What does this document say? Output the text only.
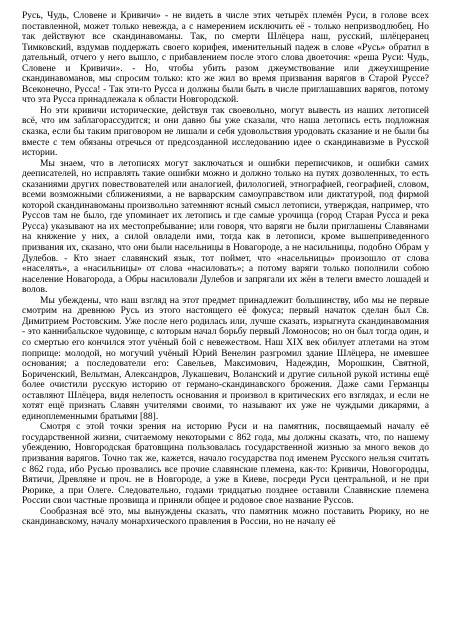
Русь, Чудь, Словене и Кривичи» - не видеть в числе этих четырёх племён Руси, в голове всех поставленной, может только невежда, а с намерением исключить её - только непризводлюбец. Но так действуют все скандинавоманы. Так, по смерти Шлёцера наш, русский, шлёцеранец Тимковский, вздумав поддержать своего корифея, именительный падеж в слове «Русь» обратил в дательный, отчего у него вышло, с прибавлением после этого слова двоеточия: «реша Руси: Чудь, Словене и Кривичи». - Но, чтобы убить разом джеумствование или джеухищрение скандинавоманов, мы спросим только: кто же жил во время призвания варягов в Старой Руссе? Всеконечно, Русса! - Так эти-то Русса и должны были быть в числе приглашавших варягов, потому что эта Русса принадлежала к области Новгородской.

Но эти кривичи исторические, действуя так своевольно, могут вывесть из наших летописей всё, что им заблагорассудится; и они давно бы уже сказали, что наша летопись есть подложная сказка, если бы таким приговором не лишали и себя удовольствия уродовать сказание и не были бы вместе с тем обязаны отречься от предсозданной исследованию идее о скандинавизме в Русской истории.

Мы знаем, что в летописях могут заключаться и ошибки переписчиков, и ошибки самих дееписателей, но исправлять такие ошибки можно и должно только на путях дозволенных, то есть сказаниями других повествователей или аналогией, филологией, этнографией, географией, словом, всеми возможными сближениями, а не варварским самоуправством или диктатурой, под фирмой которой скандинавоманы произвольно затемняют ясный смысл летописи, утверждая, например, что Руссов там не было, где упоминает их летопись и где самые урочища (город Старая Русса и река Русса) указывают на их местопребывание; или говоря, что варяги не были приглашены Славянами на княжение у них, а силой овладели ими, тогда как в летописи, кроме вышеприведенного призвания их, сказано, что они были насельницы в Новагороде, а не насильницы, подобно Обрам у Дулебов. - Кто знает славянский язык, тот поймет, что «насельницы» произошло от слова «населять», а «насильницы» от слова «насиловать»; а потому варяги только пополнили собою население Новагорода, а Обры насиловали Дулебов и запрягали их жён в телеги вместо лошадей и волов.

Мы убеждены, что наш взгляд на этот предмет принадлежит большинству, ибо мы не первые смотрим на древнюю Русь из этого настоящего её фокуса; первый начаток сделан был Св. Димитрием Ростовским. Уже после него родилась или, лучше сказать, изрыгнута скандинавомания - это каннибальское чудовище, с которым начал борьбу первый Ломоносов; но он был тогда один, и со смертью его кончился этот учёный бой с невежеством. Наш XIX век обилует атлетами на этом поприще: молодой, но могучий учёный Юрий Венелин разгромил здание Шлёцера, не имевшее основания; а последователи его: Савельев, Максимович, Надеждин, Морошкин, Святной, Бориченский, Вельтман, Александров, Лукашевич, Воланский и другие сильной рукой истины ещё более очистили русскую историю от германо-скандинавского брожения. Даже сами Германцы оставляют Шлёцера, видя нелепость основания и произвол в критических его взглядах, и если не хотят ещё признать Славян учителями своими, то называют их уже не чуждыми дикарями, а единоплеменными братьями [88].

Смотря с этой точки зрения на историю Руси и на памятник, посвящаемый началу её государственной жизни, считаемому некоторыми с 862 года, мы должны сказать, что, по нашему убеждению, Новгородская братовщина пользовалась государственной жизнью за много веков до призвания варягов. Точно так же, кажется, начало государства под именем Русского нельзя считать с 862 года, ибо Русью прозвались все прочие славянские племена, как-то: Кривичи, Новогородцы, Вятичи, Древляне и проч. не в Новгороде, а уже в Киеве, посреди Руси центральной, и не при Рюрике, а при Олеге. Следовательно, годами тридцатью позднее оставили Славянские племена России свои частные прозвища и приняли общее и родовое свое название Руссов.

Сообразная всё это, мы вынуждены сказать, что памятник можно поставить Рюрику, но не скандинавскому, началу монархического правления в России, но не началу её
